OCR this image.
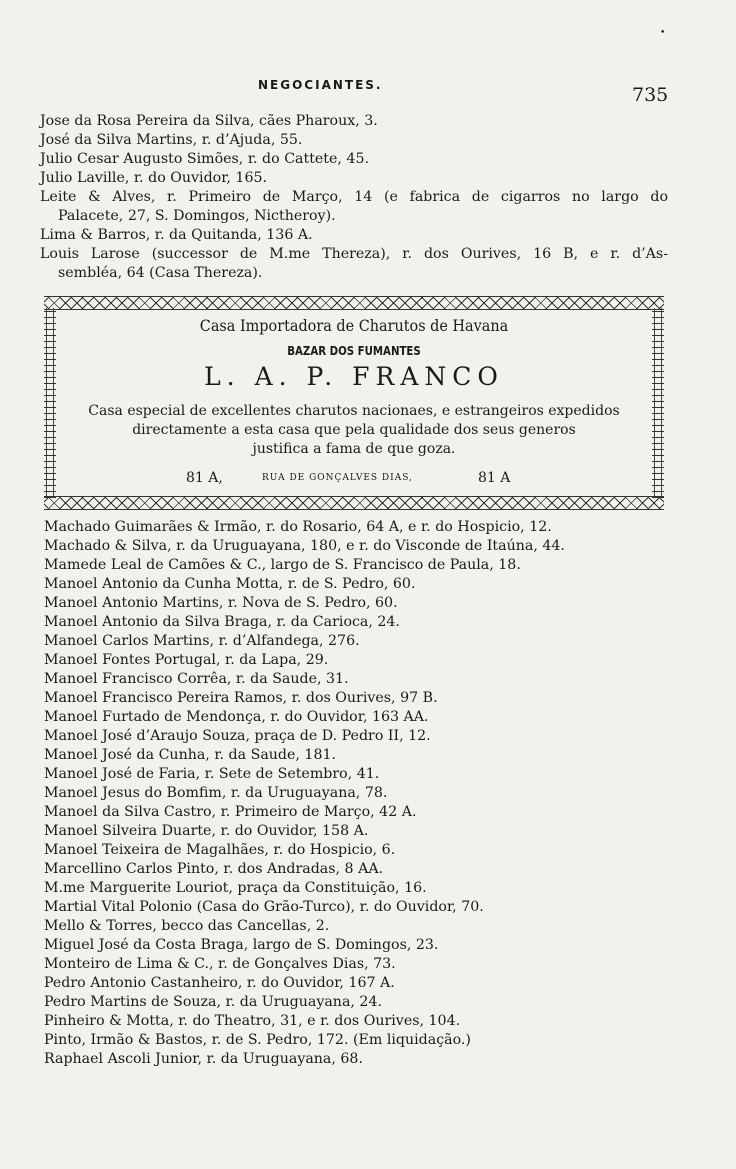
•
NEGOCIANTES.	735
Jose da Rosa Pereira da Silva, cães Pharoux, 3.
José da Silva Martins, r. d’Ajuda, 55.
Julio Cesar Augusto Simões, r. do Cattete, 45.
Julio Laville, r. do Ouvidor, 165.
Leite & Alves, r. Primeiro de Março, 14 (e fabrica de cigarros no largo do
Palacete, 27, S. Domingos, Nictheroy).
Lima & Barros, r. da Quitanda, 136 A.
Louis Larose (successor de M.me Thereza), r. dos Ourives, 16 B, e r. d’As-
sembléa, 64 (Casa Thereza).
Casa Importadora de Charutos de Havana
BAZAR DOS FUMANTES
L. A. P. FRANCO
Casa especial de excellentes charutos nacionaes, e estrangeiros expedidos
directamente a esta casa que pela qualidade dos seus generos
justifica a fama de que goza.
81 A,	RUA DE GONÇALVES DIAS,	81 A
Machado Guimarães & Irmão, r. do Rosario, 64 A, e r. do Hospicio, 12.
Machado & Silva, r. da Uruguayana, 180, e r. do Visconde de Itaúna, 44.
Mamede Leal de Camões & C., largo de S. Francisco de Paula, 18.
Manoel Antonio da Cunha Motta, r. de S. Pedro, 60.
Manoel Antonio Martins, r. Nova de S. Pedro, 60.
Manoel Antonio da Silva Braga, r. da Carioca, 24.
Manoel Carlos Martins, r. d’Alfandega, 276.
Manoel Fontes Portugal, r. da Lapa, 29.
Manoel Francisco Corrêa, r. da Saude, 31.
Manoel Francisco Pereira Ramos, r. dos Ourives, 97 B.
Manoel Furtado de Mendonça, r. do Ouvidor, 163 AA.
Manoel José d’Araujo Souza, praça de D. Pedro II, 12.
Manoel José da Cunha, r. da Saude, 181.
Manoel José de Faria, r. Sete de Setembro, 41.
Manoel Jesus do Bomfim, r. da Uruguayana, 78.
Manoel da Silva Castro, r. Primeiro de Março, 42 A.
Manoel Silveira Duarte, r. do Ouvidor, 158 A.
Manoel Teixeira de Magalhães, r. do Hospicio, 6.
Marcellino Carlos Pinto, r. dos Andradas, 8 AA.
M.me Marguerite Louriot, praça da Constituição, 16.
Martial Vital Polonio (Casa do Grão-Turco), r. do Ouvidor, 70.
Mello & Torres, becco das Cancellas, 2.
Miguel José da Costa Braga, largo de S. Domingos, 23.
Monteiro de Lima & C., r. de Gonçalves Dias, 73.
Pedro Antonio Castanheiro, r. do Ouvidor, 167 A.
Pedro Martins de Souza, r. da Uruguayana, 24.
Pinheiro & Motta, r. do Theatro, 31, e r. dos Ourives, 104.
Pinto, Irmão & Bastos, r. de S. Pedro, 172. (Em liquidação.)
Raphael Ascoli Junior, r. da Uruguayana, 68.
